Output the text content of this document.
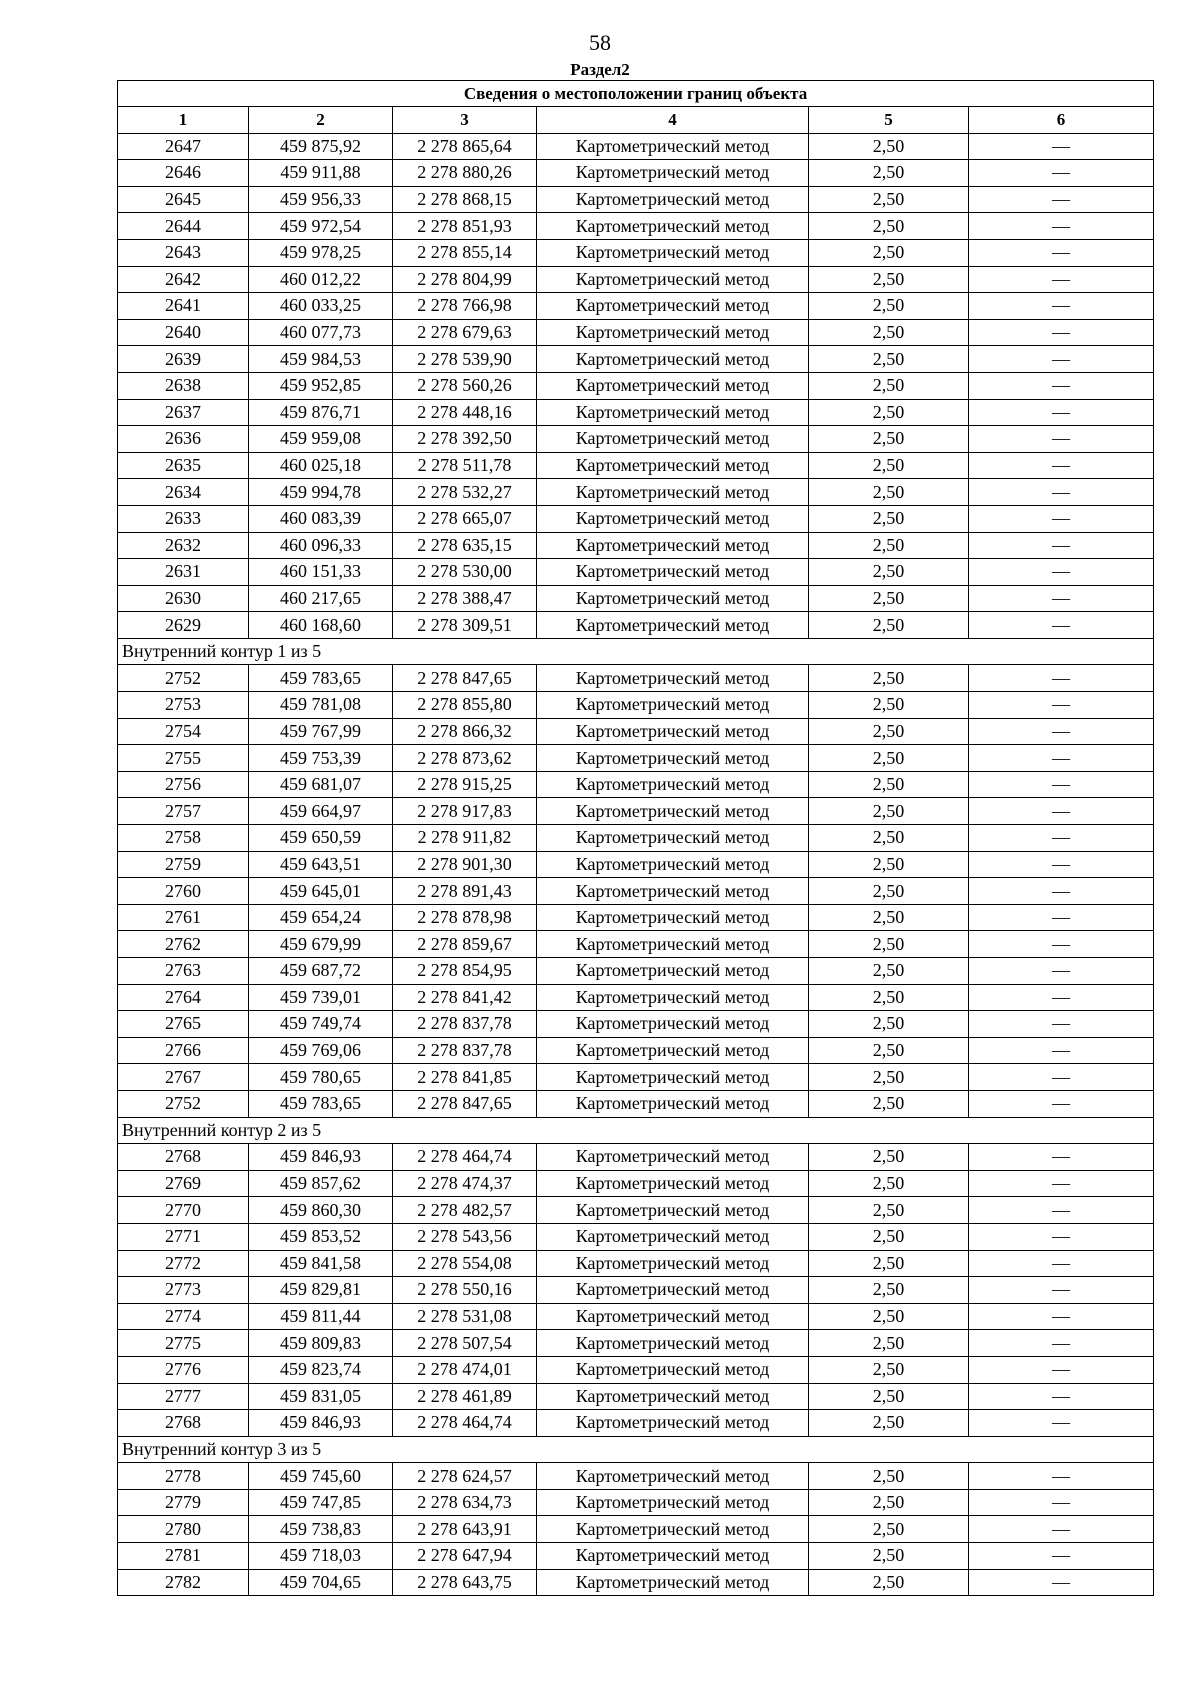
58
Раздел2
Сведения о местоположении границ объекта					
1	2	3	4	5	6
2647	459 875,92	2 278 865,64	Картометрический метод	2,50	—
2646	459 911,88	2 278 880,26	Картометрический метод	2,50	—
2645	459 956,33	2 278 868,15	Картометрический метод	2,50	—
2644	459 972,54	2 278 851,93	Картометрический метод	2,50	—
2643	459 978,25	2 278 855,14	Картометрический метод	2,50	—
2642	460 012,22	2 278 804,99	Картометрический метод	2,50	—
2641	460 033,25	2 278 766,98	Картометрический метод	2,50	—
2640	460 077,73	2 278 679,63	Картометрический метод	2,50	—
2639	459 984,53	2 278 539,90	Картометрический метод	2,50	—
2638	459 952,85	2 278 560,26	Картометрический метод	2,50	—
2637	459 876,71	2 278 448,16	Картометрический метод	2,50	—
2636	459 959,08	2 278 392,50	Картометрический метод	2,50	—
2635	460 025,18	2 278 511,78	Картометрический метод	2,50	—
2634	459 994,78	2 278 532,27	Картометрический метод	2,50	—
2633	460 083,39	2 278 665,07	Картометрический метод	2,50	—
2632	460 096,33	2 278 635,15	Картометрический метод	2,50	—
2631	460 151,33	2 278 530,00	Картометрический метод	2,50	—
2630	460 217,65	2 278 388,47	Картометрический метод	2,50	—
2629	460 168,60	2 278 309,51	Картометрический метод	2,50	—
Внутренний контур 1 из 5					
2752	459 783,65	2 278 847,65	Картометрический метод	2,50	—
2753	459 781,08	2 278 855,80	Картометрический метод	2,50	—
2754	459 767,99	2 278 866,32	Картометрический метод	2,50	—
2755	459 753,39	2 278 873,62	Картометрический метод	2,50	—
2756	459 681,07	2 278 915,25	Картометрический метод	2,50	—
2757	459 664,97	2 278 917,83	Картометрический метод	2,50	—
2758	459 650,59	2 278 911,82	Картометрический метод	2,50	—
2759	459 643,51	2 278 901,30	Картометрический метод	2,50	—
2760	459 645,01	2 278 891,43	Картометрический метод	2,50	—
2761	459 654,24	2 278 878,98	Картометрический метод	2,50	—
2762	459 679,99	2 278 859,67	Картометрический метод	2,50	—
2763	459 687,72	2 278 854,95	Картометрический метод	2,50	—
2764	459 739,01	2 278 841,42	Картометрический метод	2,50	—
2765	459 749,74	2 278 837,78	Картометрический метод	2,50	—
2766	459 769,06	2 278 837,78	Картометрический метод	2,50	—
2767	459 780,65	2 278 841,85	Картометрический метод	2,50	—
2752	459 783,65	2 278 847,65	Картометрический метод	2,50	—
Внутренний контур 2 из 5					
2768	459 846,93	2 278 464,74	Картометрический метод	2,50	—
2769	459 857,62	2 278 474,37	Картометрический метод	2,50	—
2770	459 860,30	2 278 482,57	Картометрический метод	2,50	—
2771	459 853,52	2 278 543,56	Картометрический метод	2,50	—
2772	459 841,58	2 278 554,08	Картометрический метод	2,50	—
2773	459 829,81	2 278 550,16	Картометрический метод	2,50	—
2774	459 811,44	2 278 531,08	Картометрический метод	2,50	—
2775	459 809,83	2 278 507,54	Картометрический метод	2,50	—
2776	459 823,74	2 278 474,01	Картометрический метод	2,50	—
2777	459 831,05	2 278 461,89	Картометрический метод	2,50	—
2768	459 846,93	2 278 464,74	Картометрический метод	2,50	—
Внутренний контур 3 из 5					
2778	459 745,60	2 278 624,57	Картометрический метод	2,50	—
2779	459 747,85	2 278 634,73	Картометрический метод	2,50	—
2780	459 738,83	2 278 643,91	Картометрический метод	2,50	—
2781	459 718,03	2 278 647,94	Картометрический метод	2,50	—
2782	459 704,65	2 278 643,75	Картометрический метод	2,50	—
